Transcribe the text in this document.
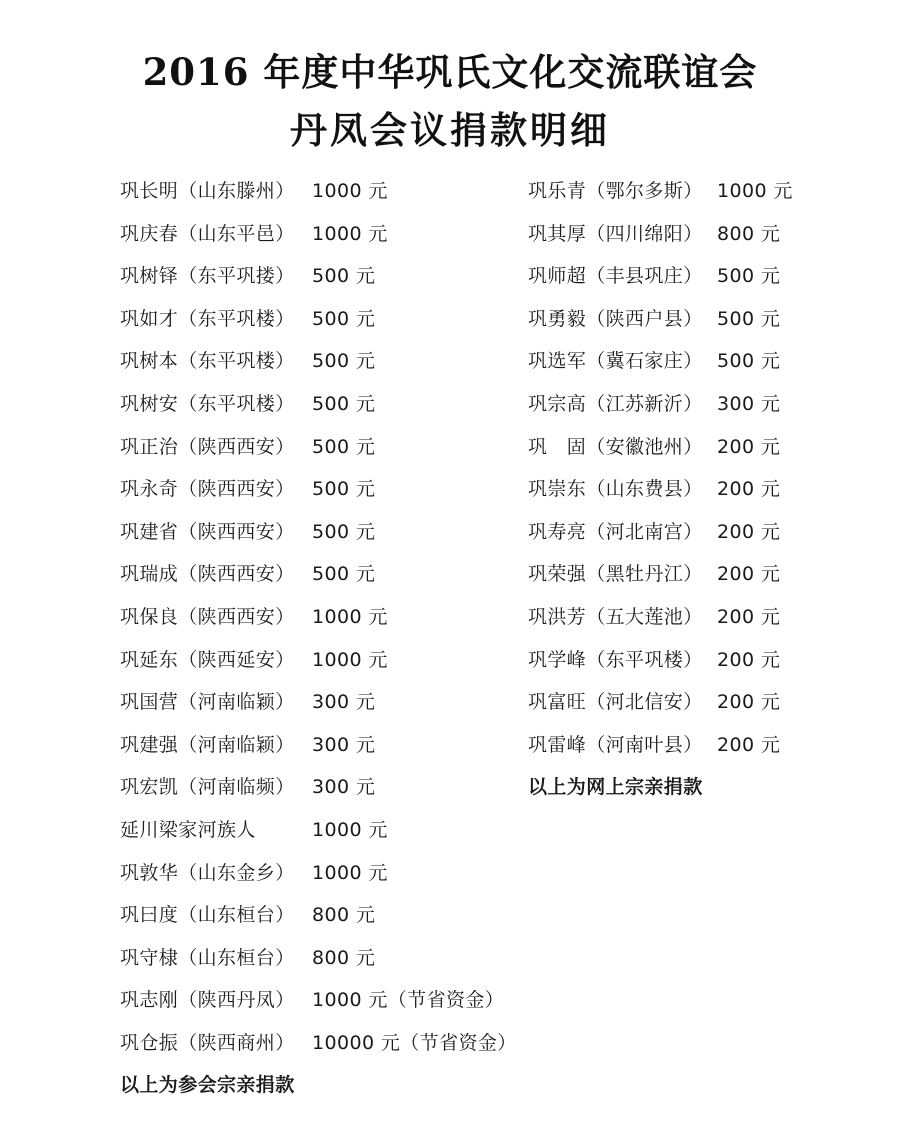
2016 年度中华巩氏文化交流联谊会
丹凤会议捐款明细
巩长明（山东滕州） 1000 元
巩庆春（山东平邑） 1000 元
巩树铎（东平巩搂） 500 元
巩如才（东平巩楼） 500 元
巩树本（东平巩楼） 500 元
巩树安（东平巩楼） 500 元
巩正治（陕西西安） 500 元
巩永奇（陕西西安） 500 元
巩建省（陕西西安） 500 元
巩瑞成（陕西西安） 500 元
巩保良（陕西西安） 1000 元
巩延东（陕西延安） 1000 元
巩国营（河南临颖） 300 元
巩建强（河南临颖） 300 元
巩宏凯（河南临频） 300 元
延川梁家河族人	1000 元
巩敦华（山东金乡） 1000 元
巩曰度（山东桓台） 800 元
巩守棣（山东桓台） 800 元
巩志刚（陕西丹凤） 1000 元（节省资金）
巩仓振（陕西商州） 10000 元（节省资金）
以上为参会宗亲捐款
巩乐青（鄂尔多斯） 1000 元
巩其厚（四川绵阳） 800 元
巩师超（丰县巩庄） 500 元
巩勇毅（陕西户县） 500 元
巩选军（冀石家庄） 500 元
巩宗高（江苏新沂） 300 元
巩　固（安徽池州） 200 元
巩崇东（山东费县） 200 元
巩寿亮（河北南宫） 200 元
巩荣强（黑牡丹江） 200 元
巩洪芳（五大莲池） 200 元
巩学峰（东平巩楼） 200 元
巩富旺（河北信安） 200 元
巩雷峰（河南叶县） 200 元
以上为网上宗亲捐款
